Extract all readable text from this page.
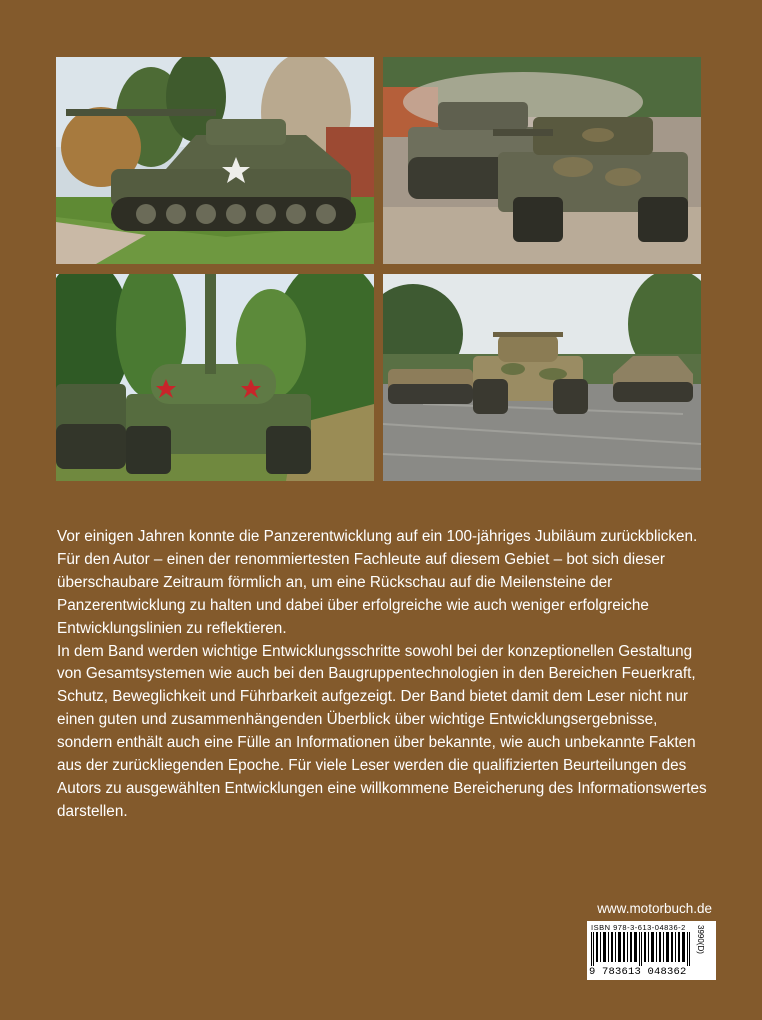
Vor einigen Jahren konnte die Panzerentwicklung auf ein 100-jähriges Jubiläum zurückblicken. Für den Autor – einen der renommiertesten Fachleute auf diesem Gebiet – bot sich dieser überschaubare Zeitraum förmlich an, um eine Rückschau auf die Meilensteine der Panzerentwicklung zu halten und dabei über erfolgreiche wie auch weniger erfolgreiche Entwicklungslinien zu reflektieren.

In dem Band werden wichtige Entwicklungsschritte sowohl bei der konzeptionellen Gestaltung von Gesamtsystemen wie auch bei den Baugruppentechnologien in den Bereichen Feuerkraft, Schutz, Beweglichkeit und Führbarkeit aufgezeigt. Der Band bietet damit dem Leser nicht nur einen guten und zusammenhängenden Überblick über wichtige Entwicklungsergebnisse, sondern enthält auch eine Fülle an Informationen über bekannte, wie auch unbekannte Fakten aus der zurückliegenden Epoche. Für viele Leser werden die qualifizierten Beurteilungen des Autors zu ausgewählten Entwicklungen eine willkommene Bereicherung des Informationswertes darstellen.

www.motorbuch.de
ISBN 978-3-613-04836-2
9 783613 048362
3990(D)
